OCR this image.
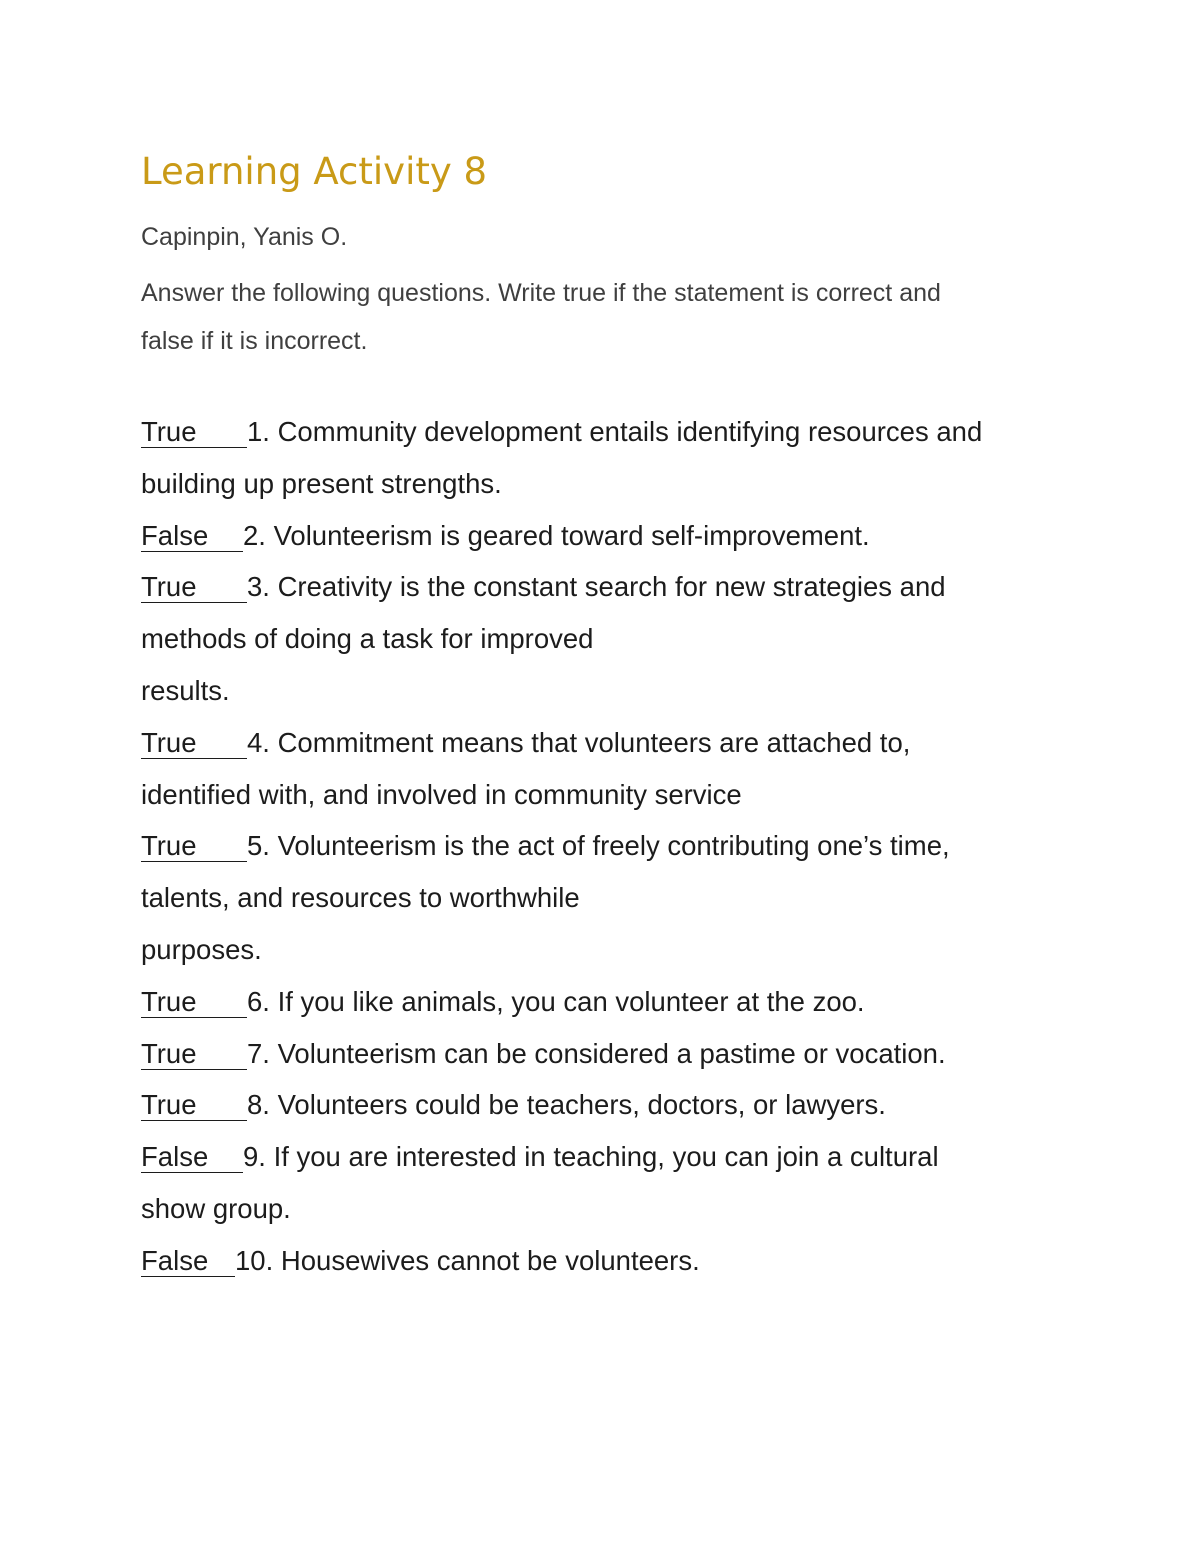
Learning Activity 8

Capinpin, Yanis O.

Answer the following questions. Write true if the statement is correct and
false if it is incorrect.

True 1. Community development entails identifying resources and
building up present strengths.
False 2. Volunteerism is geared toward self-improvement.
True 3. Creativity is the constant search for new strategies and
methods of doing a task for improved
results.
True 4. Commitment means that volunteers are attached to,
identified with, and involved in community service
True 5. Volunteerism is the act of freely contributing one’s time,
talents, and resources to worthwhile
purposes.
True 6. If you like animals, you can volunteer at the zoo.
True 7. Volunteerism can be considered a pastime or vocation.
True 8. Volunteers could be teachers, doctors, or lawyers.
False 9. If you are interested in teaching, you can join a cultural
show group.
False 10. Housewives cannot be volunteers.
